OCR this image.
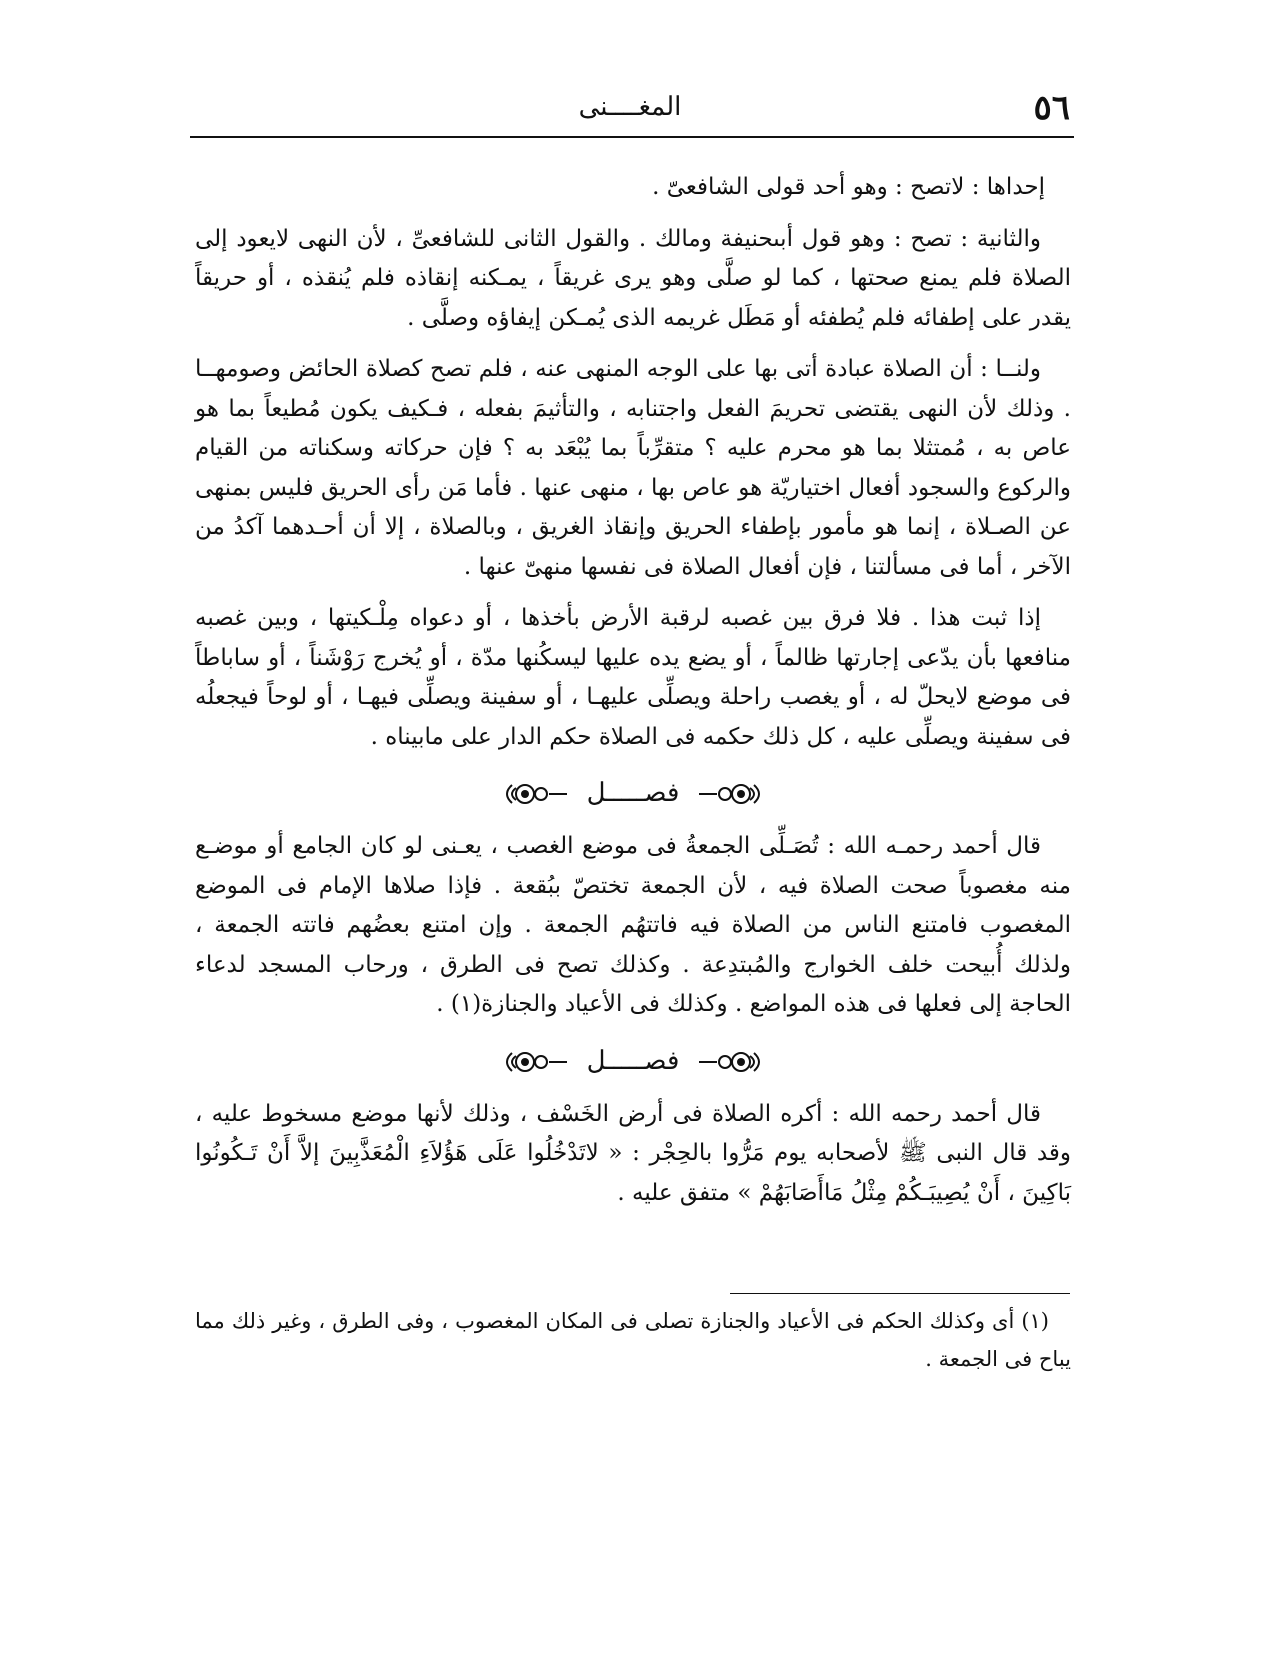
٥٦
المغــــنى

إحداها : لاتصح : وهو أحد قولى الشافعىّ .

والثانية : تصح : وهو قول أبىحنيفة ومالك . والقول الثانى للشافعىِّ ، لأن النهى لايعود إلى الصلاة فلم يمنع صحتها ، كما لو صلَّى وهو يرى غريقاً ، يمـكنه إنقاذه فلم يُنقذه ، أو حريقاً يقدر على إطفائه فلم يُطفئه أو مَطَل غريمه الذى يُمـكن إيفاؤه وصلَّى .

ولنــا : أن الصلاة عبادة أتى بها على الوجه المنهى عنه ، فلم تصح كصلاة الحائض وصومهــا . وذلك لأن النهى يقتضى تحريمَ الفعل واجتنابه ، والتأثيمَ بفعله ، فـكيف يكون مُطيعاً بما هو عاص به ، مُمتثلا بما هو محرم عليه ؟ متقرِّباً بما يُبْعَد به ؟ فإن حركاته وسكناته من القيام والركوع والسجود أفعال اختياريّة هو عاص بها ، منهى عنها . فأما مَن رأى الحريق فليس بمنهى عن الصـلاة ، إنما هو مأمور بإطفاء الحريق وإنقاذ الغريق ، وبالصلاة ، إلا أن أحـدهما آكدُ من الآخر ، أما فى مسألتنا ، فإن أفعال الصلاة فى نفسها منهىّ عنها .

إذا ثبت هذا . فلا فرق بين غصبه لرقبة الأرض بأخذها ، أو دعواه مِلْـكيتها ، وبين غصبه منافعها بأن يدّعى إجارتها ظالماً ، أو يضع يده عليها ليسكُنها مدّة ، أو يُخرج رَوْشَناً ، أو ساباطاً فى موضع لايحلّ له ، أو يغصب راحلة ويصلِّى عليهـا ، أو سفينة ويصلِّى فيهـا ، أو لوحاً فيجعلُه فى سفينة ويصلِّى عليه ، كل ذلك حكمه فى الصلاة حكم الدار على مابيناه .

فصـــــل

قال أحمد رحمـه الله : تُصَـلِّى الجمعةُ فى موضع الغصب ، يعـنى لو كان الجامع أو موضـع منه مغصوباً صحت الصلاة فيه ، لأن الجمعة تختصّ ببُقعة . فإذا صلاها الإمام فى الموضع المغصوب فامتنع الناس من الصلاة فيه فاتتهُم الجمعة . وإن امتنع بعضُهم فاتته الجمعة ، ولذلك أُبيحت خلف الخوارج والمُبتدِعة . وكذلك تصح فى الطرق ، ورحاب المسجد لدعاء الحاجة إلى فعلها فى هذه المواضع . وكذلك فى الأعياد والجنازة(١) .

فصـــــل

قال أحمد رحمه الله : أكره الصلاة فى أرض الخَسْف ، وذلك لأنها موضع مسخوط عليه ، وقد قال النبى ﷺ لأصحابه يوم مَرُّوا بالحِجْر : « لاتَدْخُلُوا عَلَى هَؤُلاَءِ الْمُعَذَّبِينَ إلاَّ أَنْ تَـكُونُوا بَاكِينَ ، أَنْ يُصِيبَـكُمْ مِثْلُ مَاأَصَابَهُمْ » متفق عليه .

(١) أى وكذلك الحكم فى الأعياد والجنازة تصلى فى المكان المغصوب ، وفى الطرق ، وغير ذلك مما يباح فى الجمعة .
